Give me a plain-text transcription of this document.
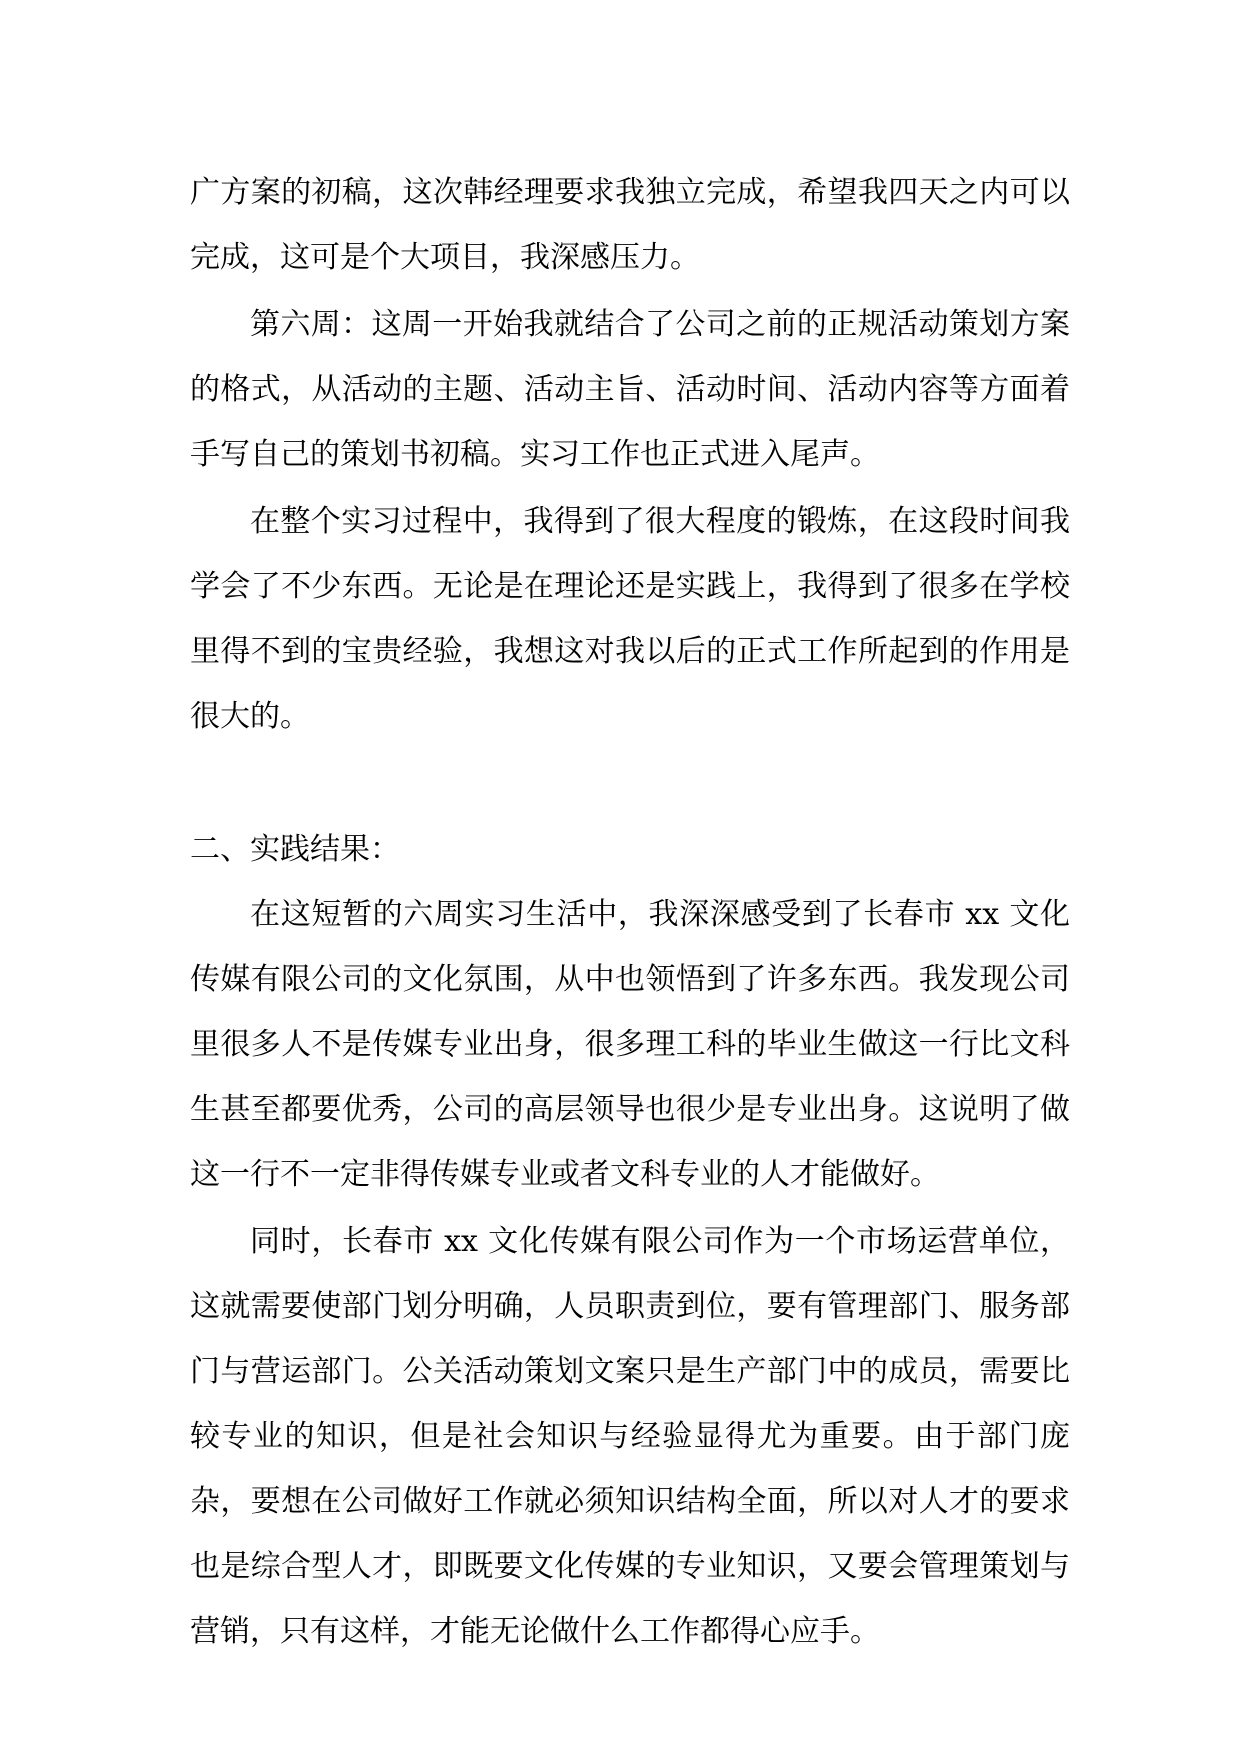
广方案的初稿，这次韩经理要求我独立完成，希望我四天之内可以完成，这可是个大项目，我深感压力。

第六周：这周一开始我就结合了公司之前的正规活动策划方案的格式，从活动的主题、活动主旨、活动时间、活动内容等方面着手写自己的策划书初稿。实习工作也正式进入尾声。

在整个实习过程中，我得到了很大程度的锻炼，在这段时间我学会了不少东西。无论是在理论还是实践上，我得到了很多在学校里得不到的宝贵经验，我想这对我以后的正式工作所起到的作用是很大的。

二、实践结果：

在这短暂的六周实习生活中，我深深感受到了长春市 xx 文化传媒有限公司的文化氛围，从中也领悟到了许多东西。我发现公司里很多人不是传媒专业出身，很多理工科的毕业生做这一行比文科生甚至都要优秀，公司的高层领导也很少是专业出身。这说明了做这一行不一定非得传媒专业或者文科专业的人才能做好。

同时，长春市 xx 文化传媒有限公司作为一个市场运营单位，这就需要使部门划分明确，人员职责到位，要有管理部门、服务部门与营运部门。公关活动策划文案只是生产部门中的成员，需要比较专业的知识，但是社会知识与经验显得尤为重要。由于部门庞杂，要想在公司做好工作就必须知识结构全面，所以对人才的要求也是综合型人才，即既要文化传媒的专业知识，又要会管理策划与营销，只有这样，才能无论做什么工作都得心应手。
